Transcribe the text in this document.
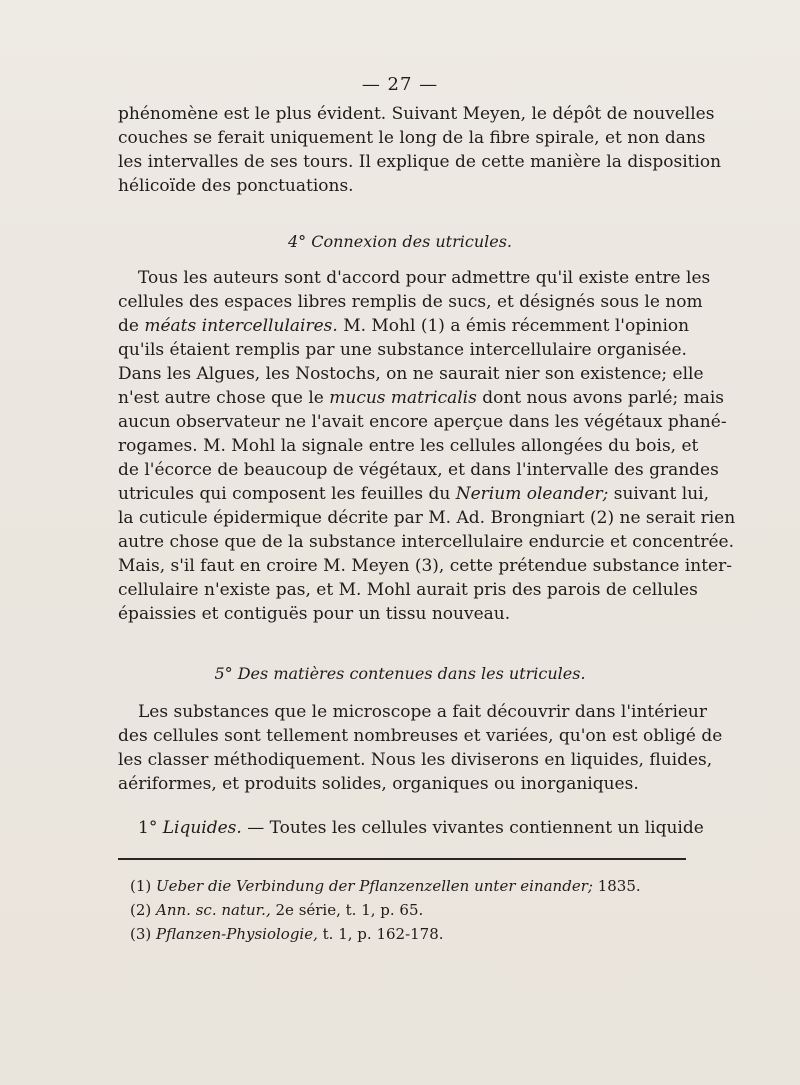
— 27 —
phénomène est le plus évident. Suivant Meyen, le dépôt de nouvelles
couches se ferait uniquement le long de la fibre spirale, et non dans
les intervalles de ses tours. Il explique de cette manière la disposition
hélicoïde des ponctuations.
4° Connexion des utricules.
Tous les auteurs sont d'accord pour admettre qu'il existe entre les
cellules des espaces libres remplis de sucs, et désignés sous le nom
de méats intercellulaires. M. Mohl (1) a émis récemment l'opinion
qu'ils étaient remplis par une substance intercellulaire organisée.
Dans les Algues, les Nostochs, on ne saurait nier son existence; elle
n'est autre chose que le mucus matricalis dont nous avons parlé; mais
aucun observateur ne l'avait encore aperçue dans les végétaux phané-
rogames. M. Mohl la signale entre les cellules allongées du bois, et
de l'écorce de beaucoup de végétaux, et dans l'intervalle des grandes
utricules qui composent les feuilles du Nerium oleander; suivant lui,
la cuticule épidermique décrite par M. Ad. Brongniart (2) ne serait rien
autre chose que de la substance intercellulaire endurcie et concentrée.
Mais, s'il faut en croire M. Meyen (3), cette prétendue substance inter-
cellulaire n'existe pas, et M. Mohl aurait pris des parois de cellules
épaissies et contiguës pour un tissu nouveau.
5° Des matières contenues dans les utricules.
Les substances que le microscope a fait découvrir dans l'intérieur
des cellules sont tellement nombreuses et variées, qu'on est obligé de
les classer méthodiquement. Nous les diviserons en liquides, fluides,
aériformes, et produits solides, organiques ou inorganiques.
1° Liquides. — Toutes les cellules vivantes contiennent un liquide
(1) Ueber die Verbindung der Pflanzenzellen unter einander; 1835.
(2) Ann. sc. natur., 2e série, t. 1, p. 65.
(3) Pflanzen-Physiologie, t. 1, p. 162-178.
